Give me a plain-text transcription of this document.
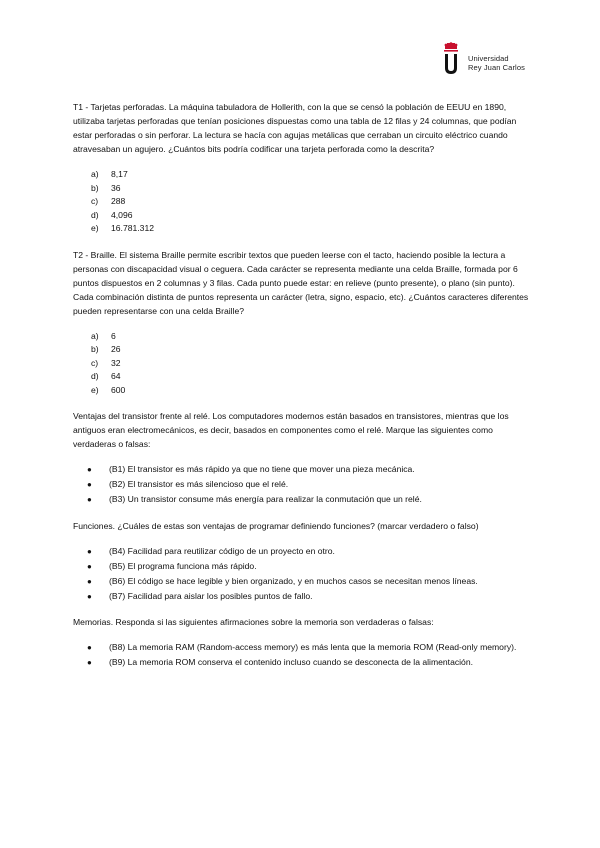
Universidad
Rey Juan Carlos

T1 - Tarjetas perforadas. La máquina tabuladora de Hollerith, con la que se censó la población de EEUU en 1890, utilizaba tarjetas perforadas que tenían posiciones dispuestas como una tabla de 12 filas y 24 columnas, que podían estar perforadas o sin perforar. La lectura se hacía con agujas metálicas que cerraban un circuito eléctrico cuando atravesaban un agujero. ¿Cuántos bits podría codificar una tarjeta perforada como la descrita?

a)	8,17
b)	36
c)	288
d)	4,096
e)	16.781.312

T2 - Braille. El sistema Braille permite escribir textos que pueden leerse con el tacto, haciendo posible la lectura a personas con discapacidad visual o ceguera. Cada carácter se representa mediante una celda Braille, formada por 6 puntos dispuestos en 2 columnas y 3 filas. Cada punto puede estar: en relieve (punto presente), o plano (sin punto). Cada combinación distinta de puntos representa un carácter (letra, signo, espacio, etc). ¿Cuántos caracteres diferentes pueden representarse con una celda Braille?

a)	6
b)	26
c)	32
d)	64
e)	600

Ventajas del transistor frente al relé. Los computadores modernos están basados en transistores, mientras que los antiguos eran electromecánicos, es decir, basados en componentes como el relé. Marque las siguientes como verdaderas o falsas:

●	(B1) El transistor es más rápido ya que no tiene que mover una pieza mecánica.
●	(B2) El transistor es más silencioso que el relé.
●	(B3) Un transistor consume más energía para realizar la conmutación que un relé.

Funciones. ¿Cuáles de estas son ventajas de programar definiendo funciones? (marcar verdadero o falso)

●	(B4) Facilidad para reutilizar código de un proyecto en otro.
●	(B5) El programa funciona más rápido.
●	(B6) El código se hace legible y bien organizado, y en muchos casos se necesitan menos líneas.
●	(B7) Facilidad para aislar los posibles puntos de fallo.

Memorias. Responda si las siguientes afirmaciones sobre la memoria son verdaderas o falsas:

●	(B8) La memoria RAM (Random-access memory) es más lenta que la memoria ROM (Read-only memory).
●	(B9) La memoria ROM conserva el contenido incluso cuando se desconecta de la alimentación.
